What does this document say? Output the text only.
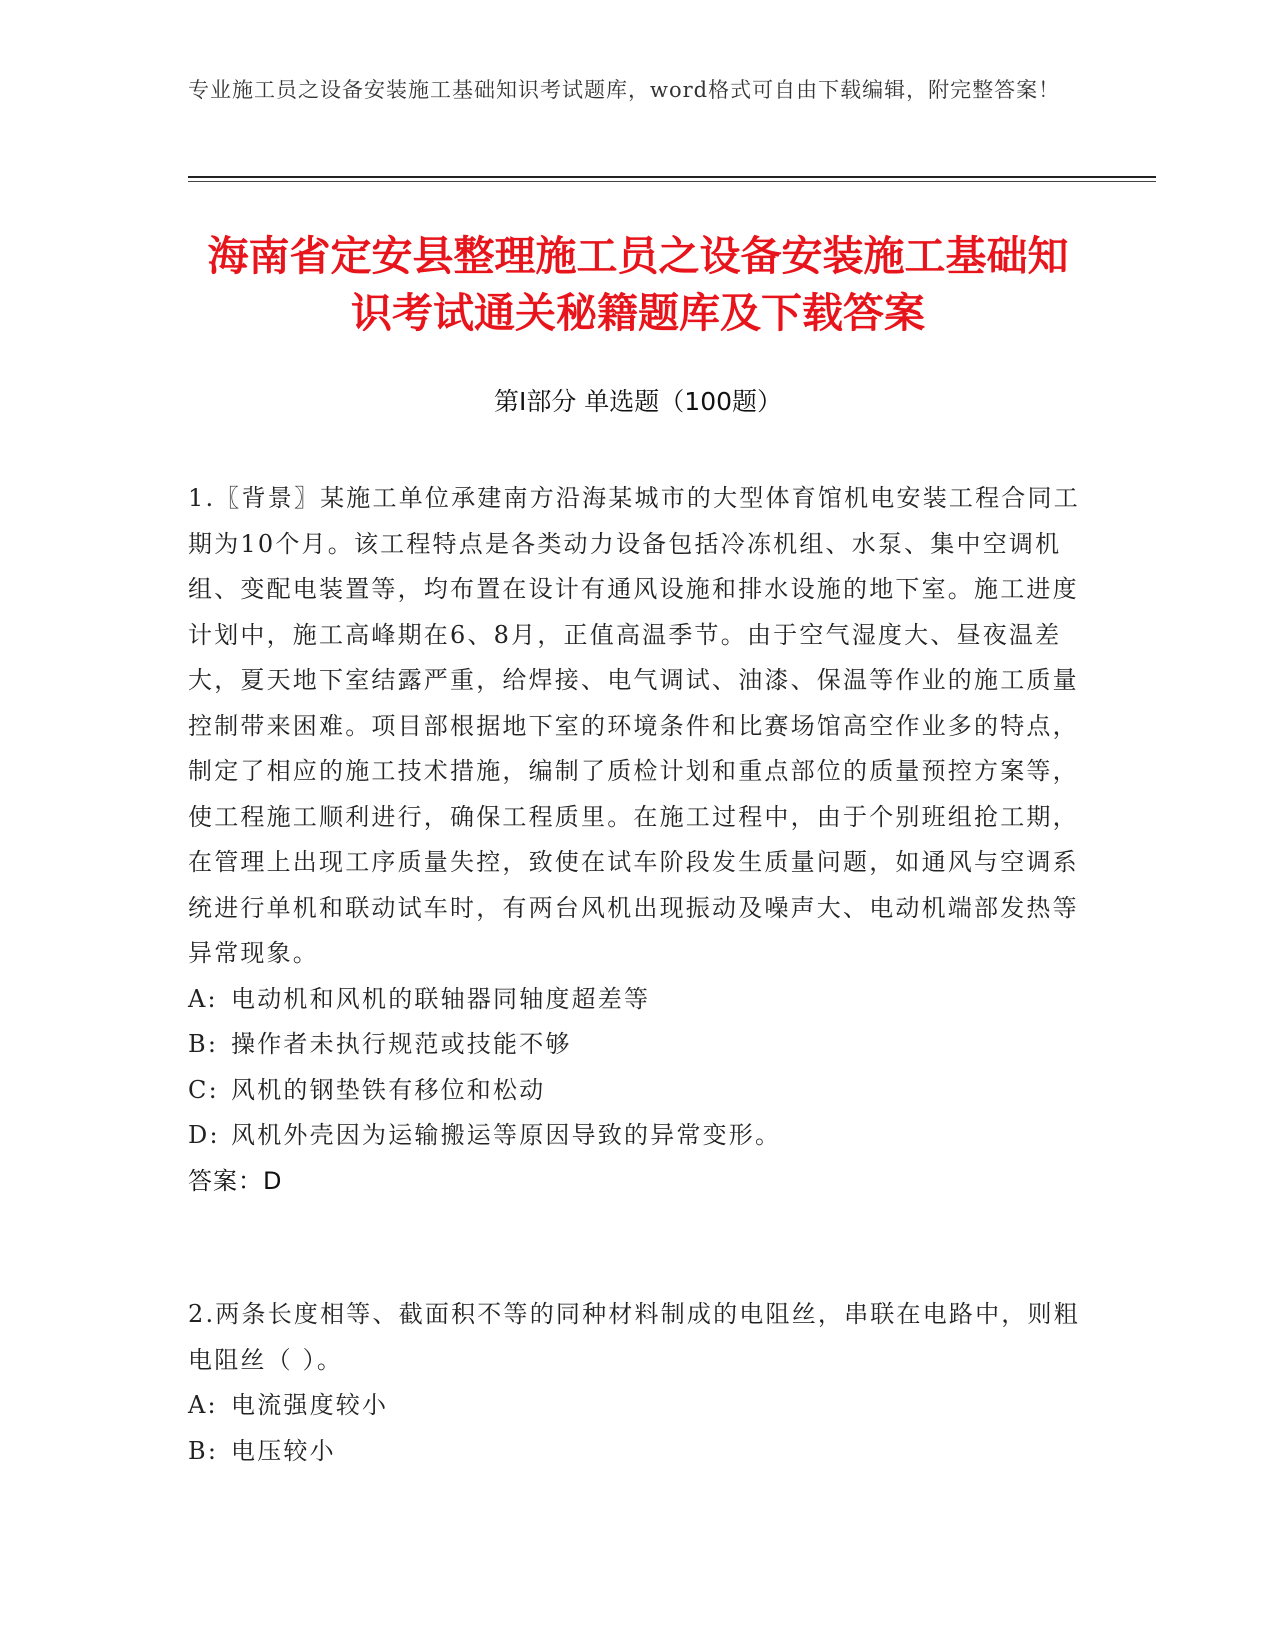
专业施工员之设备安装施工基础知识考试题库，word格式可自由下载编辑，附完整答案！
海南省定安县整理施工员之设备安装施工基础知识考试通关秘籍题库及下载答案
第Ⅰ部分 单选题（100题）

1.〖背景〗某施工单位承建南方沿海某城市的大型体育馆机电安装工程合同工期为10个月。该工程特点是各类动力设备包括冷冻机组、水泵、集中空调机组、变配电装置等，均布置在设计有通风设施和排水设施的地下室。施工进度计划中，施工高峰期在6、8月，正值高温季节。由于空气湿度大、昼夜温差大，夏天地下室结露严重，给焊接、电气调试、油漆、保温等作业的施工质量控制带来困难。项目部根据地下室的环境条件和比赛场馆高空作业多的特点，制定了相应的施工技术措施，编制了质检计划和重点部位的质量预控方案等，使工程施工顺利进行，确保工程质里。在施工过程中，由于个别班组抢工期，在管理上出现工序质量失控，致使在试车阶段发生质量问题，如通风与空调系统进行单机和联动试车时，有两台风机出现振动及噪声大、电动机端部发热等异常现象。

A: 电动机和风机的联轴器同轴度超差等

B: 操作者未执行规范或技能不够

C: 风机的钢垫铁有移位和松动

D: 风机外壳因为运输搬运等原因导致的异常变形。

答案：D

2.两条长度相等、截面积不等的同种材料制成的电阻丝，串联在电路中，则粗电阻丝（ ）。

A: 电流强度较小

B: 电压较小
